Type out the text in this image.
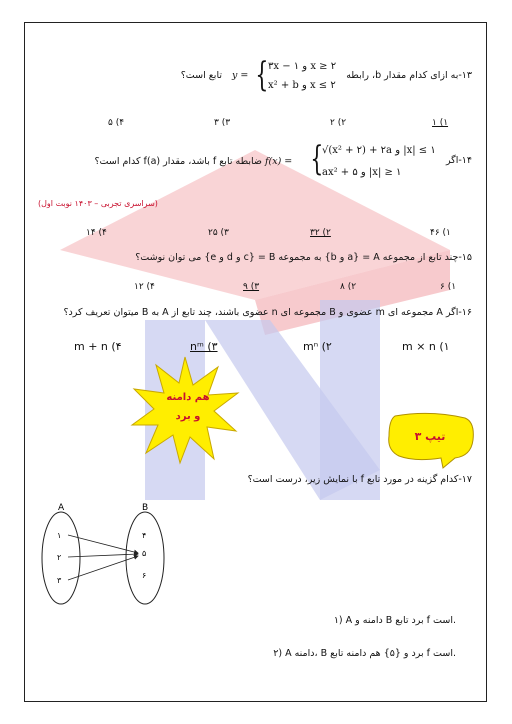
۱۳-به ازای کدام مقدار b، رابطه
y =
تابع است؟ { ۳x − ۱ و x ≥ ۲
x² + b و x ≤ ۲
۱ (۱
۲ (۲
۳ (۳
۵ (۴
۱۴-اگر
{
√(x² + ۲) + ۲a و |x| ≤ ۱
ax² + ۵ و |x| ≥ ۱
f(x) =
ضابطه تابع f باشد، مقدار f(a) کدام است؟
(سراسری تجربی – ۱۴۰۳ نوبت اول)
۴۶ (۱
۳۲ (۲
۲۵ (۳
۱۴ (۴
۱۵-چند تابع از مجموعه A = {a و b} به مجموعه B = {c و d و e} می توان نوشت؟
۶ (۱
۸ (۲
۹ (۳
۱۲ (۴
۱۶-اگر A مجموعه ای m عضوی و B مجموعه ای n عضوی باشند، چند تابع از A به B میتوان تعریف کرد؟
m × n (۱
mⁿ (۲
nᵐ (۳
m + n (۴
هم دامنه
و برد
تیپ ۳
۱۷-کدام گزینه در مورد تابع f با نمایش زیر، درست است؟
A	B
۱
۲
۳
۴
۵
۶
۱) A دامنه و B برد تابع f است.
۲) A دامنه، B برد و {۵} هم دامنه تابع f است.
